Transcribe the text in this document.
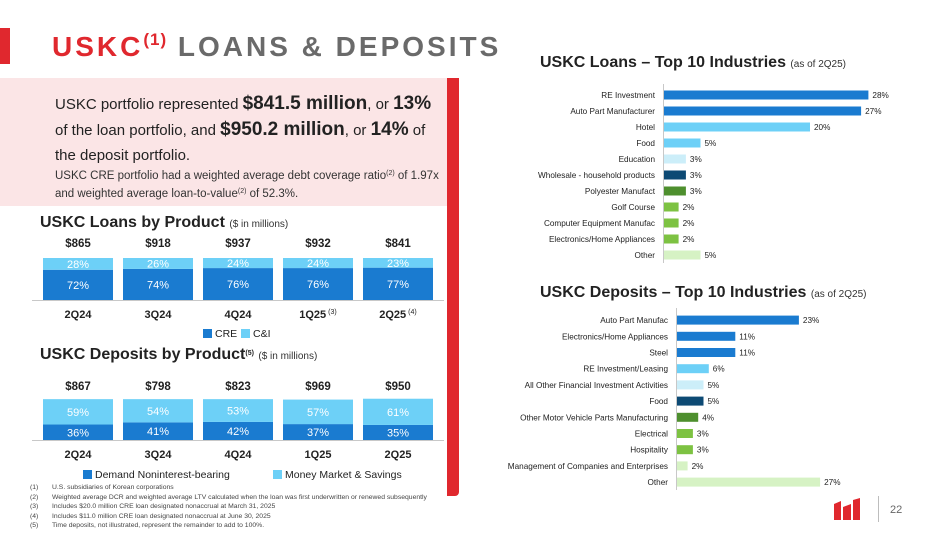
USKC$^{(1)}$ LOANS & DEPOSITS
USKC portfolio represented $841.5 million, or 13% of the loan portfolio, and $950.2 million, or 14% of the deposit portfolio.
USKC CRE portfolio had a weighted average debt coverage ratio$^{(2)}$ of 1.97x and weighted average loan-to-value$^{(2)}$ of 52.3%.
USKC Loans by Product ($ in millions)
72%
28%
$865
2Q24
74%
26%
$918
3Q24
76%
24%
$937
4Q24
76%
24%
$932
1Q25 $^{(3)}$
77%
23%
$841
2Q25 $^{(4)}$
CRE C&I
USKC Deposits by Product$^{(5)}$ ($ in millions)
36%
59%
$867
2Q24
41%
54%
$798
3Q24
42%
53%
$823
4Q24
37%
57%
$969
1Q25
35%
61%
$950
2Q25
Demand Noninterest-bearing	Money Market & Savings
USKC Loans – Top 10 Industries (as of 2Q25)
RE Investment	28%
Auto Part Manufacturer	27%
Hotel	20%
Food	5%
Education	3%
Wholesale - household products	3%
Polyester Manufact	3%
Golf Course	2%
Computer Equipment Manufac	2%
Electronics/Home Appliances	2%
Other	5%
USKC Deposits – Top 10 Industries (as of 2Q25)
Auto Part Manufac	23%
Electronics/Home Appliances	11%
Steel	11%
RE Investment/Leasing	6%
All Other Financial Investment Activities	5%
Food	5%
Other Motor Vehicle Parts Manufacturing	4%
Electrical	3%
Hospitality	3%
Management of Companies and Enterprises	2%
Other	27%
(1)	U.S. subsidiaries of Korean corporations
(2)	Weighted average DCR and weighted average LTV calculated when the loan was first underwritten or renewed subsequently
(3)	Includes $20.0 million CRE loan designated nonaccrual at March 31, 2025
(4)	Includes $11.0 million CRE loan designated nonaccrual at June 30, 2025
(5)	Time deposits, not illustrated, represent the remainder to add to 100%.
22
